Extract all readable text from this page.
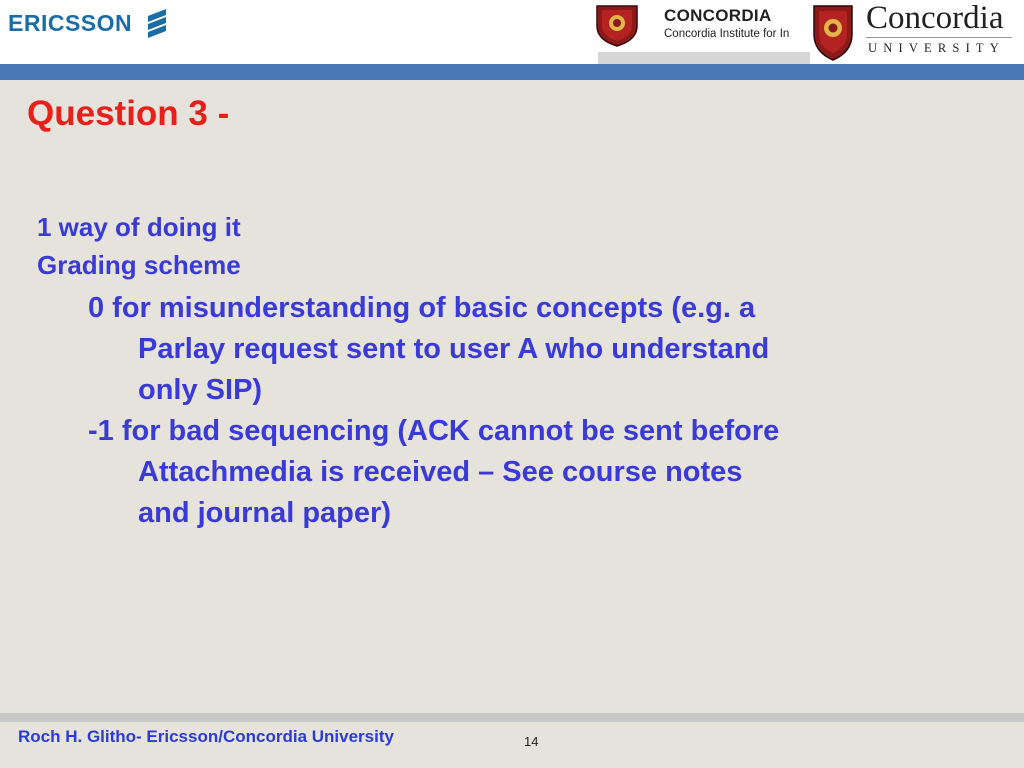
ERICSSON	CONCORDIA
Concordia Institute for In	Concordia
UNIVERSITY
Question 3 -
1 way of doing it
Grading scheme
0 for misunderstanding of basic concepts (e.g. a
Parlay request sent to user A who understand
only SIP)
-1 for bad sequencing (ACK cannot be sent before
Attachmedia is received – See course notes
and journal paper)
Roch H. Glitho- Ericsson/Concordia University	14
